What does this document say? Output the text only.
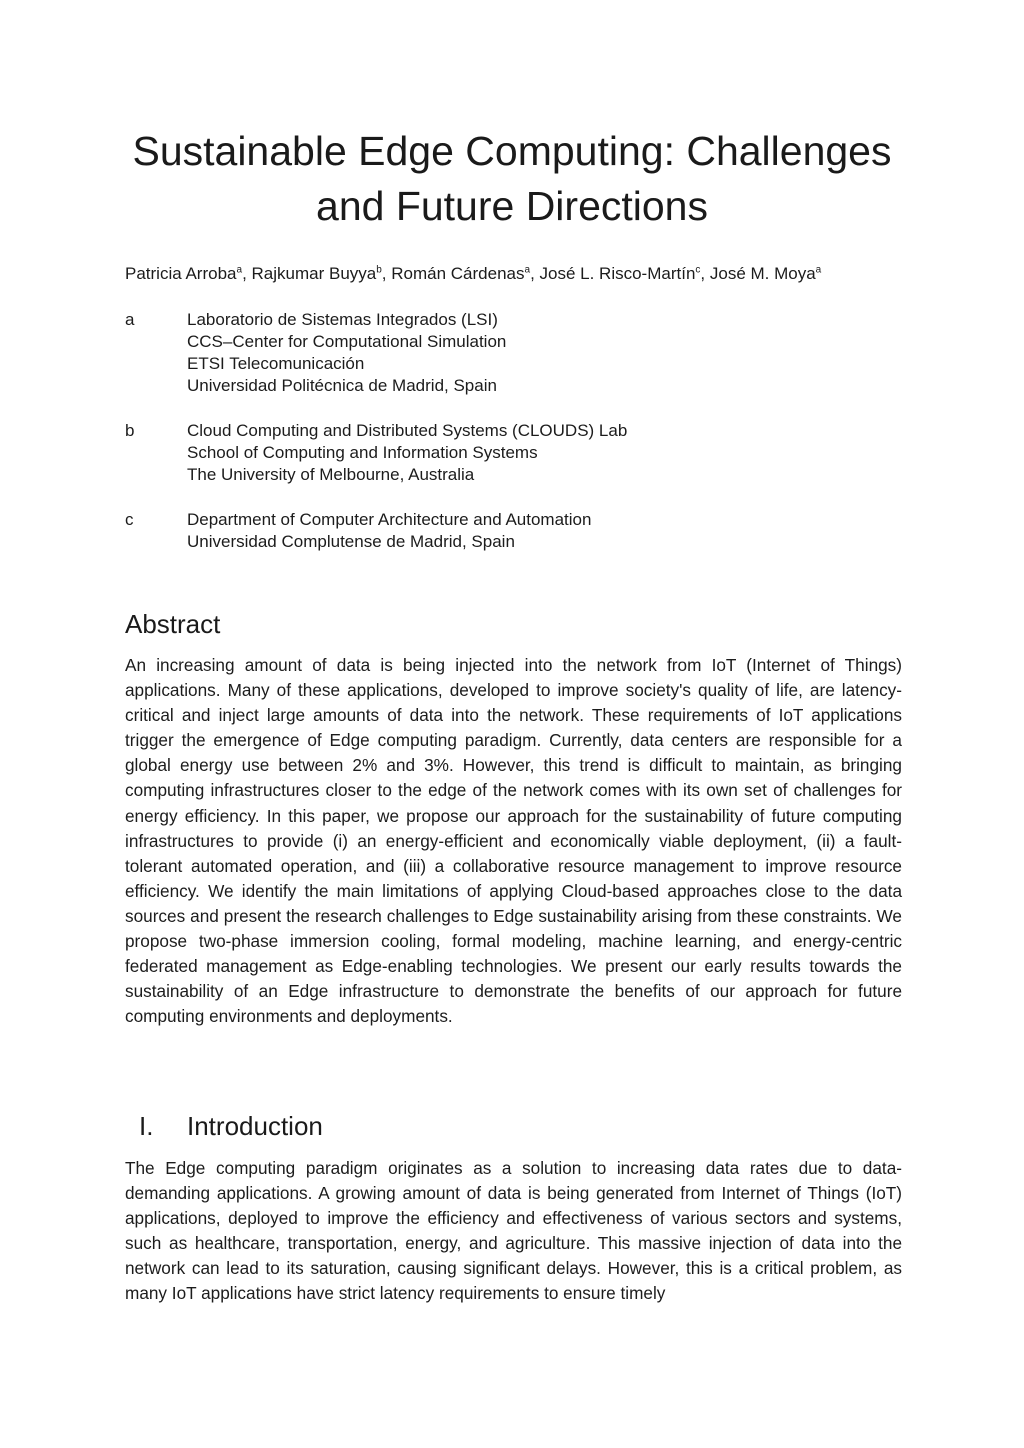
Sustainable Edge Computing: Challenges and Future Directions

Patricia Arroba$^a$, Rajkumar Buyya$^b$, Román Cárdenas$^a$, José L. Risco-Martín$^c$, José M. Moya$^a$

a	Laboratorio de Sistemas Integrados (LSI)
CCS–Center for Computational Simulation
ETSI Telecomunicación
Universidad Politécnica de Madrid, Spain
b	Cloud Computing and Distributed Systems (CLOUDS) Lab
School of Computing and Information Systems
The University of Melbourne, Australia
c	Department of Computer Architecture and Automation
Universidad Complutense de Madrid, Spain
Abstract

An increasing amount of data is being injected into the network from IoT (Internet of Things) applications. Many of these applications, developed to improve society's quality of life, are latency-critical and inject large amounts of data into the network. These requirements of IoT applications trigger the emergence of Edge computing paradigm. Currently, data centers are responsible for a global energy use between 2% and 3%. However, this trend is difficult to maintain, as bringing computing infrastructures closer to the edge of the network comes with its own set of challenges for energy efficiency. In this paper, we propose our approach for the sustainability of future computing infrastructures to provide (i) an energy-efficient and economically viable deployment, (ii) a fault-tolerant automated operation, and (iii) a collaborative resource management to improve resource efficiency. We identify the main limitations of applying Cloud-based approaches close to the data sources and present the research challenges to Edge sustainability arising from these constraints. We propose two-phase immersion cooling, formal modeling, machine learning, and energy-centric federated management as Edge-enabling technologies. We present our early results towards the sustainability of an Edge infrastructure to demonstrate the benefits of our approach for future computing environments and deployments.

I. Introduction

The Edge computing paradigm originates as a solution to increasing data rates due to data-demanding applications. A growing amount of data is being generated from Internet of Things (IoT) applications, deployed to improve the efficiency and effectiveness of various sectors and systems, such as healthcare, transportation, energy, and agriculture. This massive injection of data into the network can lead to its saturation, causing significant delays. However, this is a critical problem, as many IoT applications have strict latency requirements to ensure timely
